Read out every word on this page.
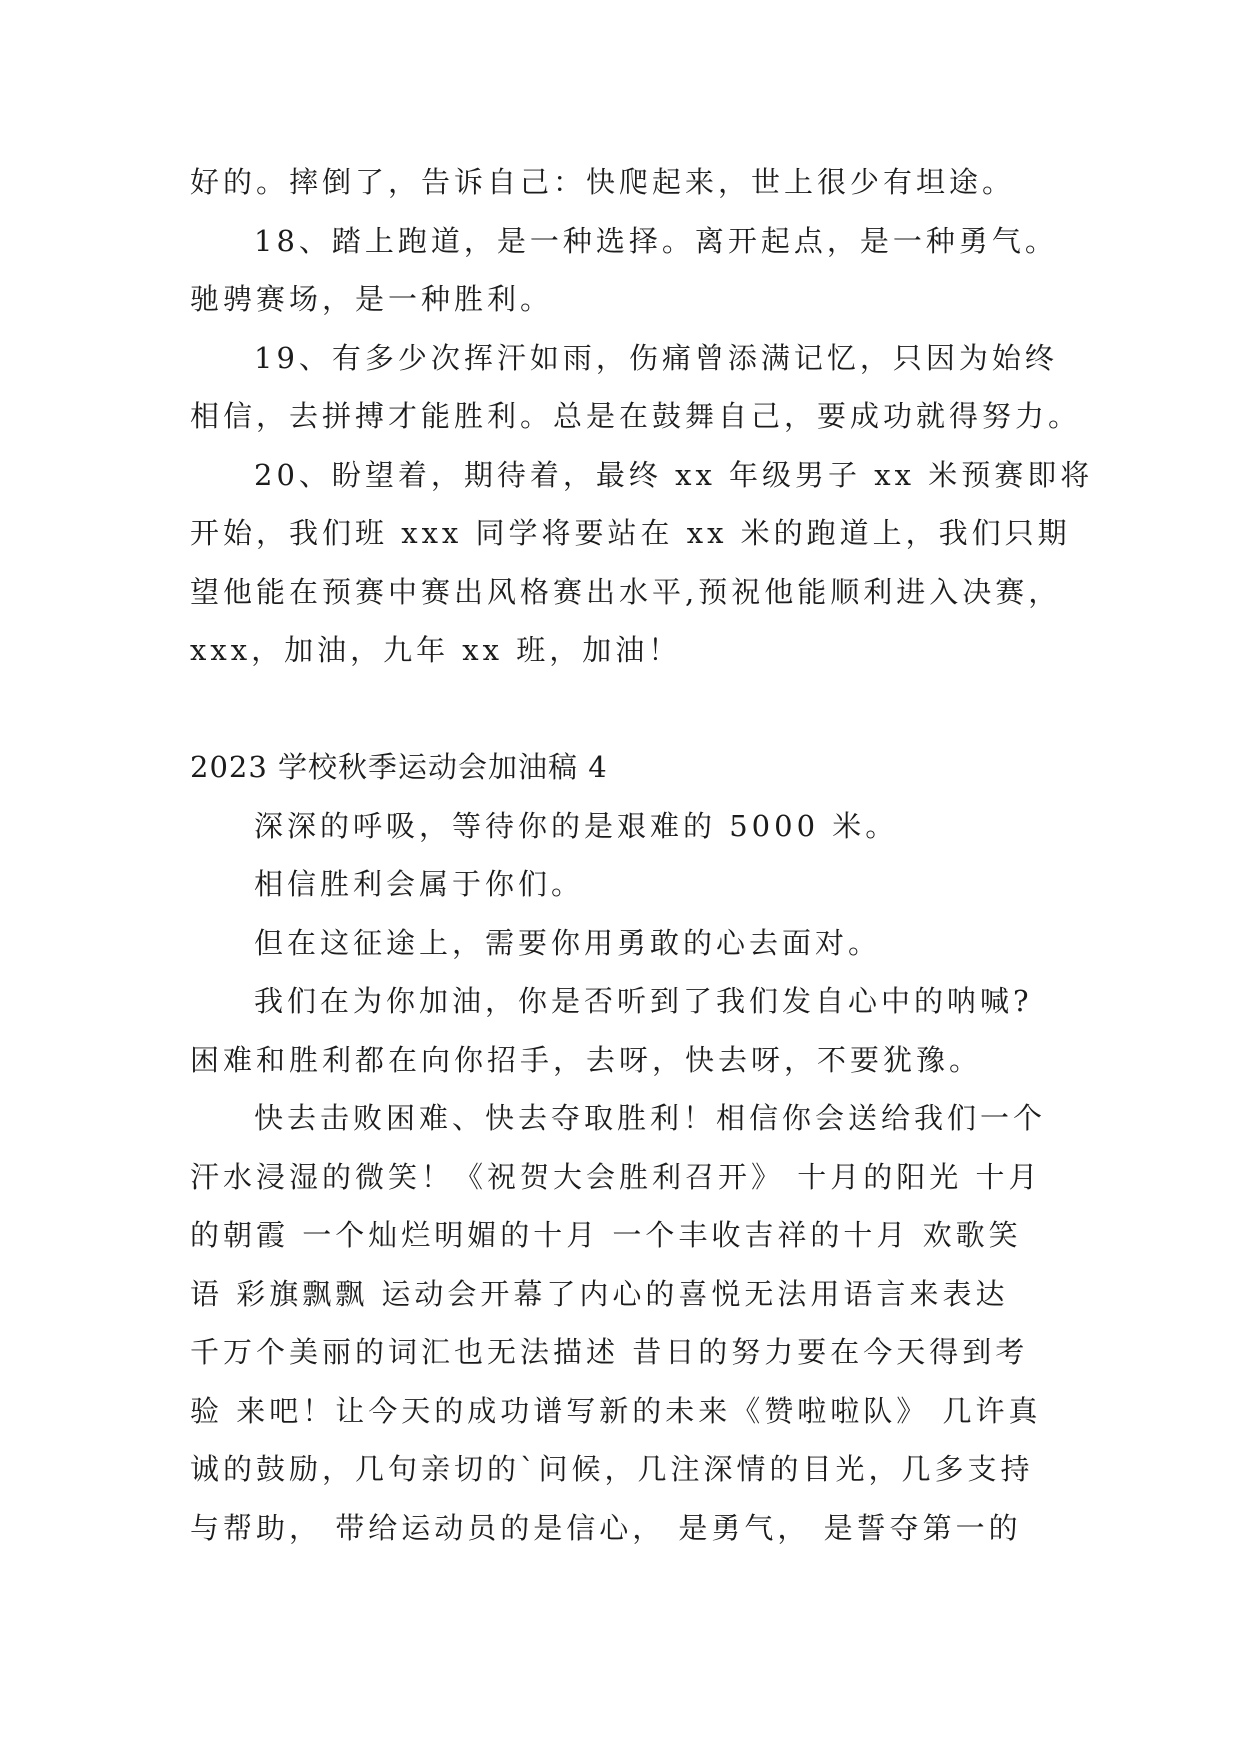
好的。摔倒了，告诉自己：快爬起来，世上很少有坦途。
18、踏上跑道，是一种选择。离开起点，是一种勇气。
驰骋赛场，是一种胜利。
19、有多少次挥汗如雨，伤痛曾添满记忆，只因为始终
相信，去拼搏才能胜利。总是在鼓舞自己，要成功就得努力。
20、盼望着，期待着，最终 xx 年级男子 xx 米预赛即将
开始，我们班 xxx 同学将要站在 xx 米的跑道上，我们只期
望他能在预赛中赛出风格赛出水平,预祝他能顺利进入决赛，
xxx，加油，九年 xx 班，加油！
2023 学校秋季运动会加油稿 4
深深的呼吸，等待你的是艰难的 5000 米。
相信胜利会属于你们。
但在这征途上，需要你用勇敢的心去面对。
我们在为你加油，你是否听到了我们发自心中的呐喊?
困难和胜利都在向你招手，去呀，快去呀，不要犹豫。
快去击败困难、快去夺取胜利！相信你会送给我们一个
汗水浸湿的微笑！《祝贺大会胜利召开》 十月的阳光 十月
的朝霞 一个灿烂明媚的十月 一个丰收吉祥的十月 欢歌笑
语 彩旗飘飘 运动会开幕了内心的喜悦无法用语言来表达
千万个美丽的词汇也无法描述 昔日的努力要在今天得到考
验 来吧！让今天的成功谱写新的未来《赞啦啦队》 几许真
诚的鼓励，几句亲切的`问候，几注深情的目光，几多支持
与帮助， 带给运动员的是信心， 是勇气， 是誓夺第一的
